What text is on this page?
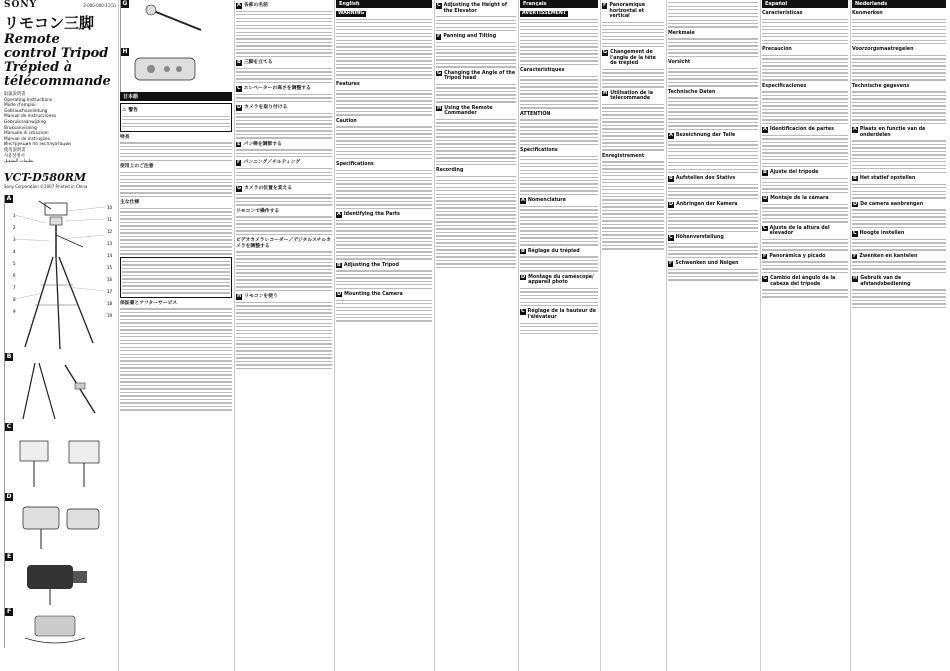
SONY	3-000-000-11(1)
リモコン三脚
Remote control Tripod
Trépied à télécommande
取扱説明書
Operating Instructions
Mode d'emploi
Gebrauchsanleitung
Manual de instrucciones
Gebruiksaanwijzing
Bruksanvisning
Manuale di istruzioni
Manual de instruções
Инструкция по эксплуатации
使用說明書
사용설명서
تعليمات التشغيل
VCT-D580RM
Sony Corporation ©2007 Printed in China
A
1
2
3
4
5
6
7
8
9
10
11
12
13
14
15
16
17
18
19
B
C
D
E
F
G
H
日本語
⚠ 警告
特長
使用上のご注意
主な仕様
保証書とアフターサービス
A 各部の名前
B 三脚を立てる
C エレベーターの高さを調整する
D カメラを取り付ける
E パン棒を調節する
F パンニング／チルティング
G カメラの位置を変える
リモコンで操作する
ビデオカメラレコーダー／デジタルスチルカメラを調整する
H リモコンを使う
English
WARNING
Features
Caution
Specifications
A Identifying the Parts
B Adjusting the Tripod
D Mounting the Camera
C Adjusting the Height of the Elevator
F Panning and Tilting
G Changing the Angle of the Tripod head
H Using the Remote Commander
Recording
Français
AVERTISSEMENT
Caractéristiques
ATTENTION
Spécifications
A Nomenclature
B Réglage du trépied
D Montage du caméscope/ appareil photo
C Réglage de la hauteur de l'élévateur
F Panoramique horizontal et vertical
G Changement de l'angle de la tête de trépied
H Utilisation de la télécommande
Enregistrement
Merkmale
Vorsicht
Technische Daten
A Bezeichnung der Teile
B Aufstellen des Stativs
D Anbringen der Kamera
C Höhenverstellung
F Schwenken und Neigen
Español
Características
Precaución
Especificaciones
A Identificación de partes
B Ajuste del trípode
D Montaje de la cámara
C Ajuste de la altura del elevador
F Panorámica y picado
G Cambio del ángulo de la cabeza del trípode
Nederlands
Kenmerken
Voorzorgsmaatregelen
Technische gegevens
A Plaats en functie van de onderdelen
B Het statief opstellen
D De camera aanbrengen
C Hoogte instellen
F Zwenken en kantelen
H Gebruik van de afstandsbediening
